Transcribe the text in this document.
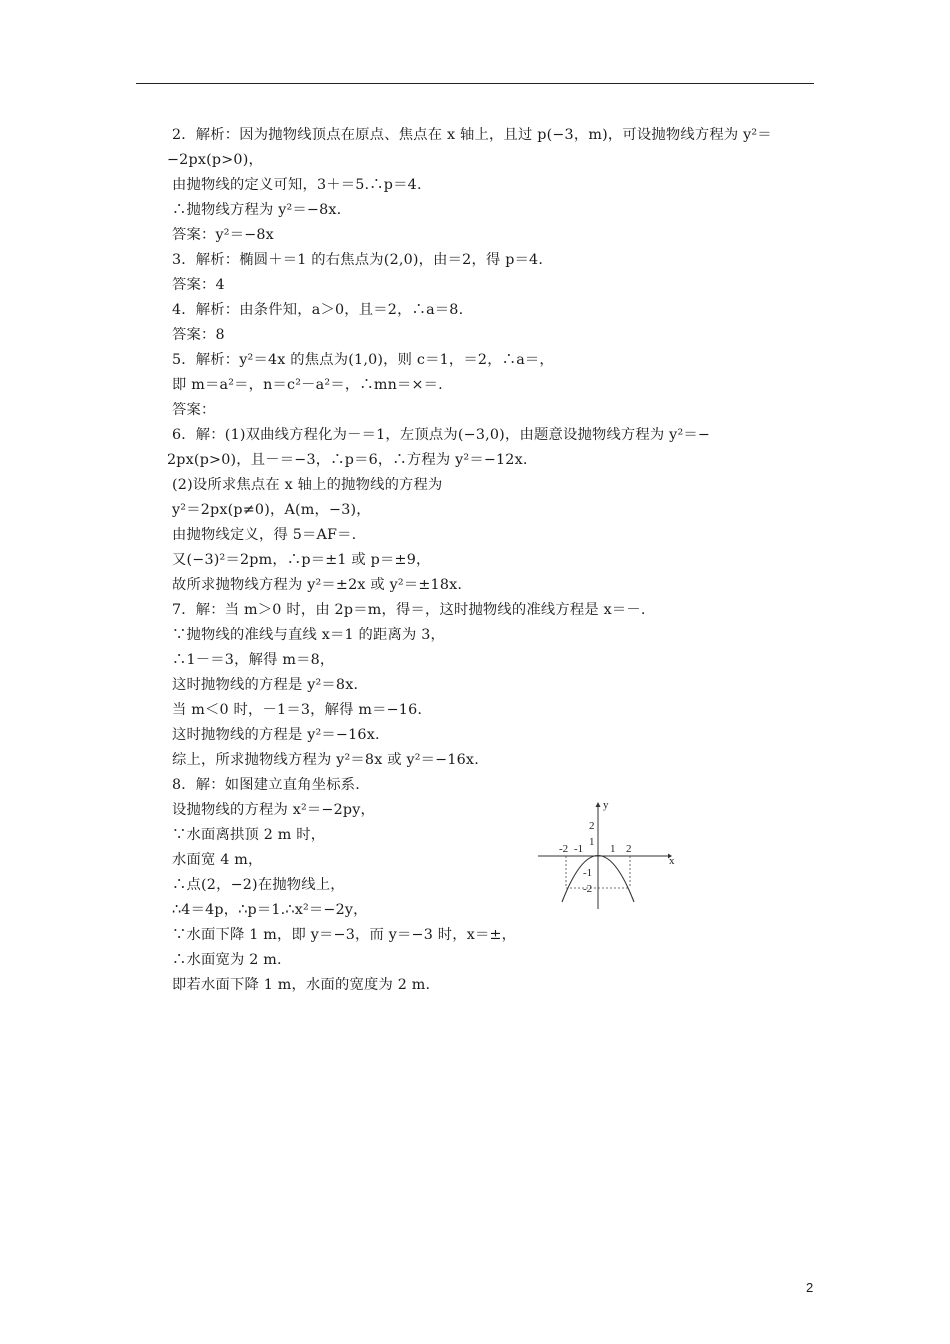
2．解析：因为抛物线顶点在原点、焦点在 x 轴上，且过 p(−3，m)，可设抛物线方程为 y²＝
−2px(p>0)，
由抛物线的定义可知，3＋＝5.∴p＝4.
∴抛物线方程为 y²＝−8x.
答案：y²＝−8x
3．解析：椭圆＋＝1 的右焦点为(2,0)，由＝2，得 p＝4.
答案：4
4．解析：由条件知，a＞0，且＝2，∴a＝8.
答案：8
5．解析：y²＝4x 的焦点为(1,0)，则 c＝1，＝2，∴a＝，
即 m＝a²＝，n＝c²－a²＝，∴mn＝×＝.
答案：
6．解：(1)双曲线方程化为－＝1，左顶点为(−3,0)，由题意设抛物线方程为 y²＝−
2px(p>0)，且－＝−3，∴p＝6，∴方程为 y²＝−12x.
(2)设所求焦点在 x 轴上的抛物线的方程为
y²＝2px(p≠0)，A(m，−3)，
由抛物线定义，得 5＝AF＝.
又(−3)²＝2pm，∴p＝±1 或 p＝±9，
故所求抛物线方程为 y²＝±2x 或 y²＝±18x.
7．解：当 m＞0 时，由 2p＝m，得＝，这时抛物线的准线方程是 x＝－.
∵抛物线的准线与直线 x＝1 的距离为 3，
∴1－＝3，解得 m＝8，
这时抛物线的方程是 y²＝8x.
当 m＜0 时，－1＝3，解得 m＝−16.
这时抛物线的方程是 y²＝−16x.
综上，所求抛物线方程为 y²＝8x 或 y²＝−16x.
8．解：如图建立直角坐标系.
设抛物线的方程为 x²＝−2py，
∵水面离拱顶 2 m 时，
水面宽 4 m，
∴点(2，−2)在抛物线上，
∴4＝4p，∴p＝1.∴x²＝−2y，
∵水面下降 1 m，即 y＝−3，而 y＝−3 时，x＝±，
∴水面宽为 2 m.
即若水面下降 1 m，水面的宽度为 2 m.
y
x
-2 -1 1 2
2
1
-1
-2
2
